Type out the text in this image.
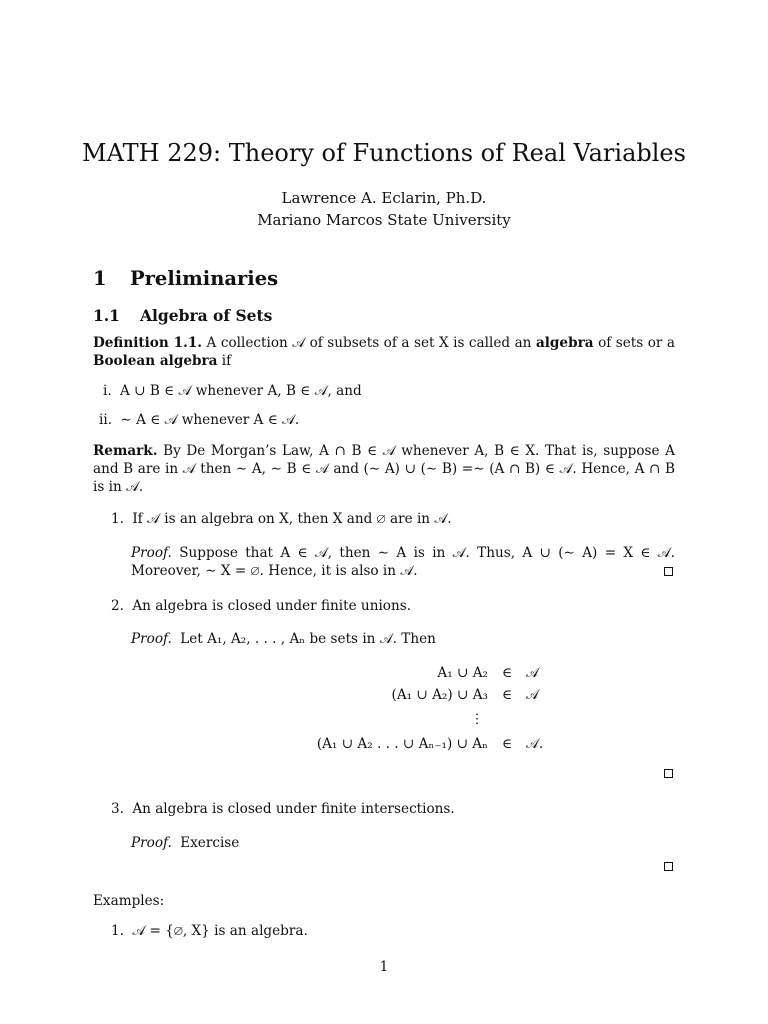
MATH 229: Theory of Functions of Real Variables
Lawrence A. Eclarin, Ph.D.
Mariano Marcos State University
1 Preliminaries
1.1 Algebra of Sets
Definition 1.1. A collection 𝒜 of subsets of a set X is called an algebra of sets or a Boolean algebra if
i. A ∪ B ∈ 𝒜 whenever A, B ∈ 𝒜, and
ii. ∼ A ∈ 𝒜 whenever A ∈ 𝒜.
Remark. By De Morgan’s Law, A ∩ B ∈ 𝒜 whenever A, B ∈ X. That is, suppose A and B are in 𝒜 then ∼ A, ∼ B ∈ 𝒜 and (∼ A) ∪ (∼ B) =∼ (A ∩ B) ∈ 𝒜. Hence, A ∩ B is in 𝒜.
1. If 𝒜 is an algebra on X, then X and ∅ are in 𝒜.
Proof. Suppose that A ∈ 𝒜, then ∼ A is in 𝒜. Thus, A ∪ (∼ A) = X ∈ 𝒜. Moreover, ∼ X = ∅. Hence, it is also in 𝒜.
2. An algebra is closed under finite unions.
Proof. Let A₁, A₂, . . . , Aₙ be sets in 𝒜. Then
A₁ ∪ A₂	∈	𝒜
(A₁ ∪ A₂) ∪ A₃	∈	𝒜
⋮
(A₁ ∪ A₂ . . . ∪ Aₙ₋₁) ∪ Aₙ	∈	𝒜.
3. An algebra is closed under finite intersections.
Proof. Exercise
Examples:
1. 𝒜 = {∅, X} is an algebra.
1
